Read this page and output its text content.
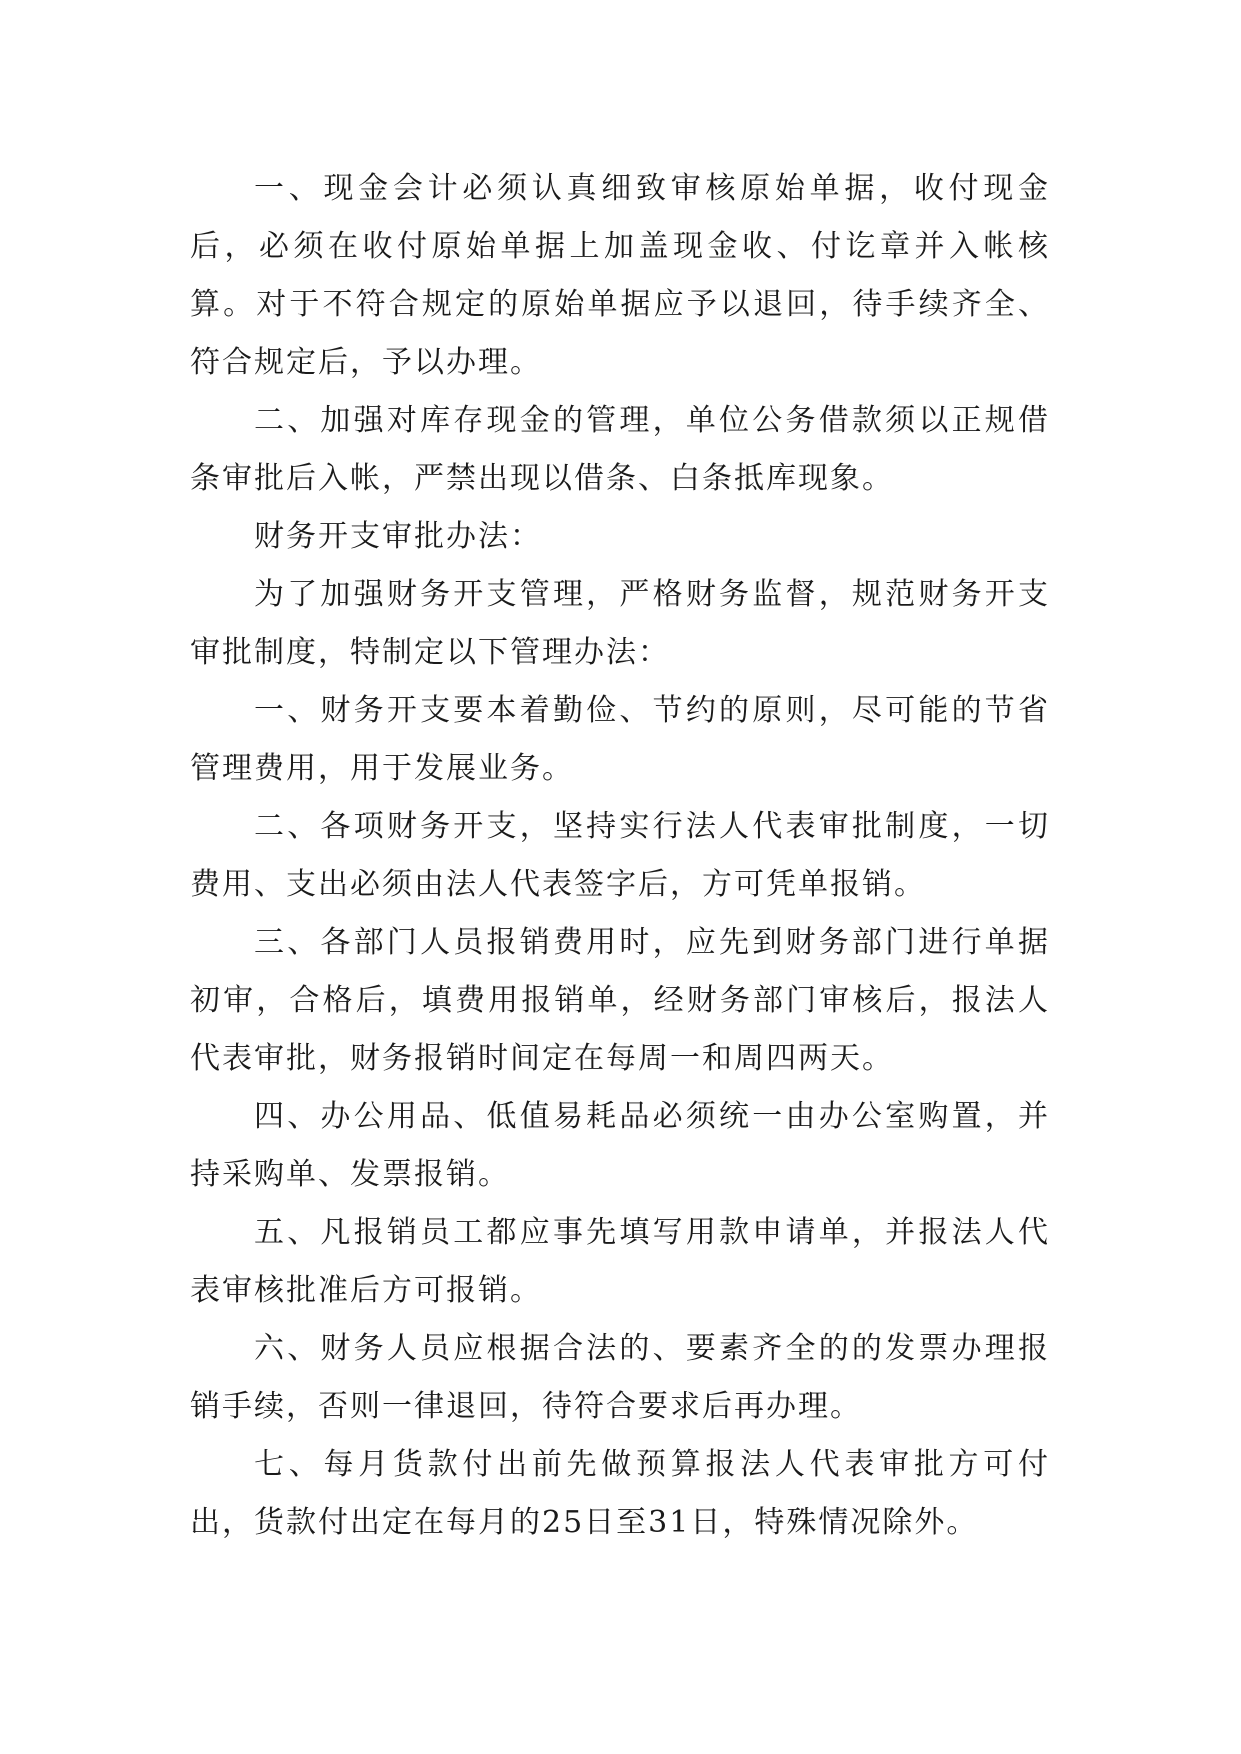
一、现金会计必须认真细致审核原始单据，收付现金后，必须在收付原始单据上加盖现金收、付讫章并入帐核算。对于不符合规定的原始单据应予以退回，待手续齐全、符合规定后，予以办理。

二、加强对库存现金的管理，单位公务借款须以正规借条审批后入帐，严禁出现以借条、白条抵库现象。

财务开支审批办法：

为了加强财务开支管理，严格财务监督，规范财务开支审批制度，特制定以下管理办法：

一、财务开支要本着勤俭、节约的原则，尽可能的节省管理费用，用于发展业务。

二、各项财务开支，坚持实行法人代表审批制度，一切费用、支出必须由法人代表签字后，方可凭单报销。

三、各部门人员报销费用时，应先到财务部门进行单据初审，合格后，填费用报销单，经财务部门审核后，报法人代表审批，财务报销时间定在每周一和周四两天。

四、办公用品、低值易耗品必须统一由办公室购置，并持采购单、发票报销。

五、凡报销员工都应事先填写用款申请单，并报法人代表审核批准后方可报销。

六、财务人员应根据合法的、要素齐全的的发票办理报销手续，否则一律退回，待符合要求后再办理。

七、每月货款付出前先做预算报法人代表审批方可付出，货款付出定在每月的25日至31日，特殊情况除外。
